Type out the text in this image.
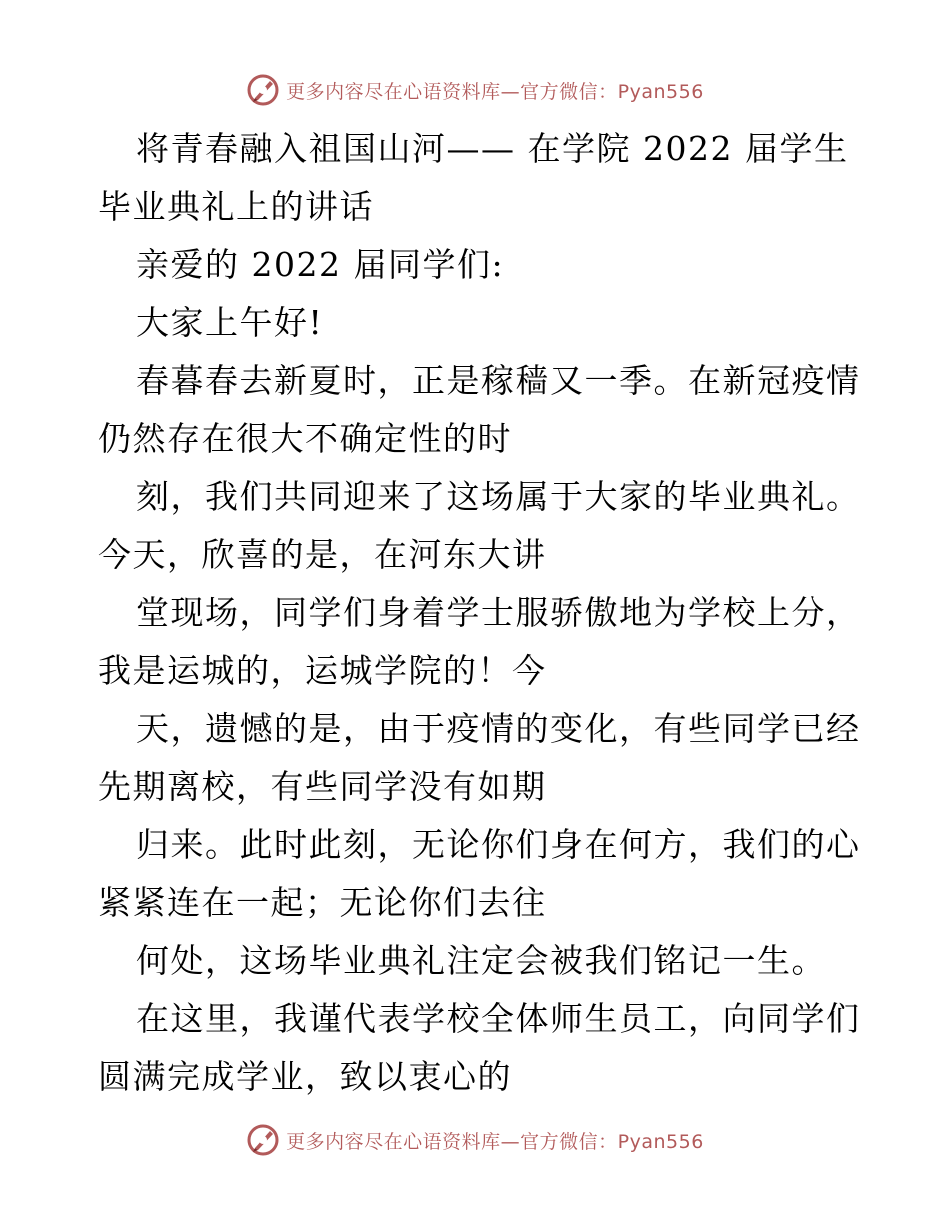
更多内容尽在心语资料库—官方微信：Pyan556
将青春融入祖国山河—— 在学院 2022 届学生
毕业典礼上的讲话
亲爱的 2022 届同学们:
大家上午好!
春暮春去新夏时，正是稼穑又一季。在新冠疫情
仍然存在很大不确定性的时
刻，我们共同迎来了这场属于大家的毕业典礼。
今天，欣喜的是，在河东大讲
堂现场，同学们身着学士服骄傲地为学校上分，
我是运城的，运城学院的！今
天，遗憾的是，由于疫情的变化，有些同学已经
先期离校，有些同学没有如期
归来。此时此刻，无论你们身在何方，我们的心
紧紧连在一起；无论你们去往
何处，这场毕业典礼注定会被我们铭记一生。
在这里，我谨代表学校全体师生员工，向同学们
圆满完成学业，致以衷心的
更多内容尽在心语资料库—官方微信：Pyan556
